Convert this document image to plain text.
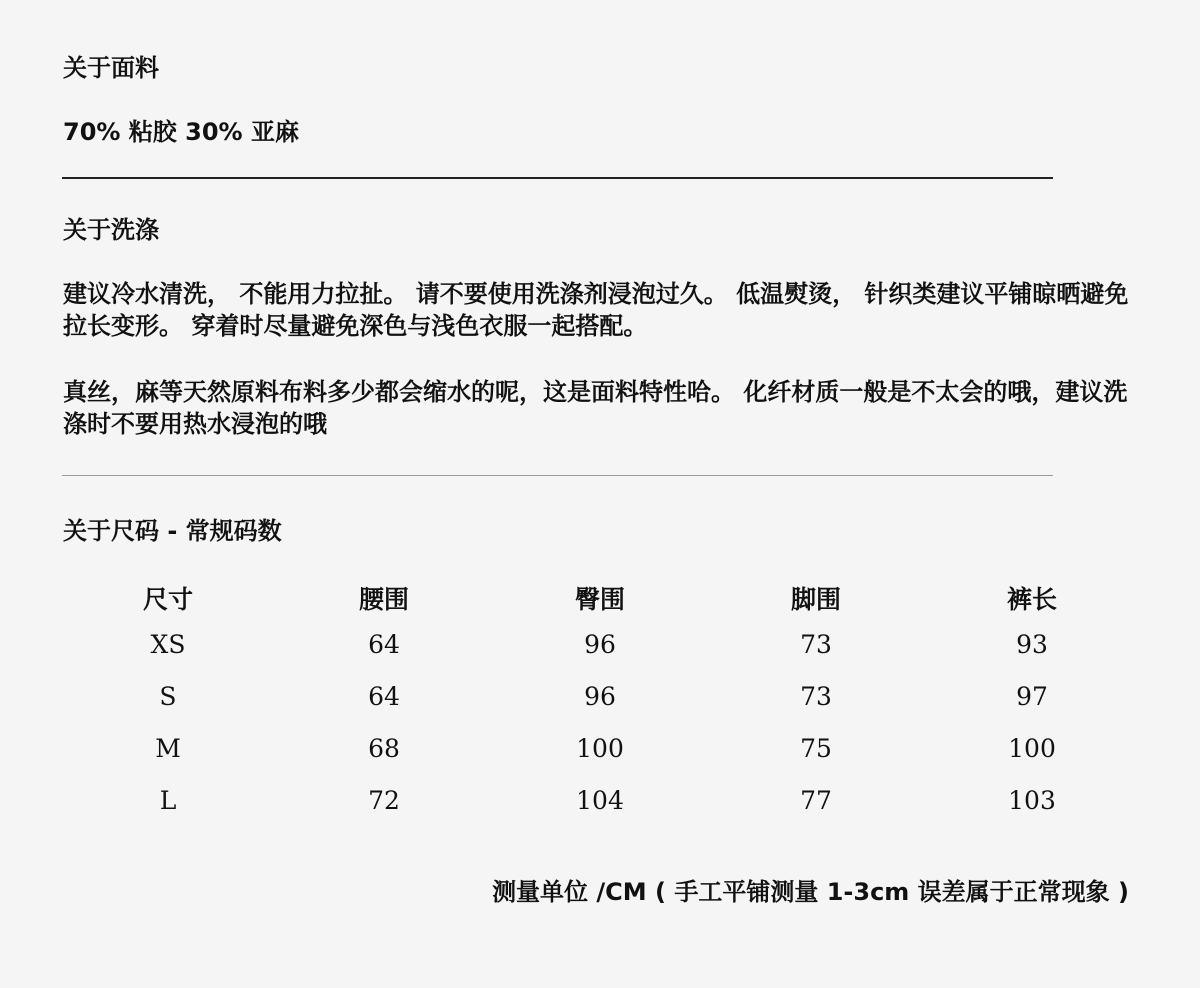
关于面料

70% 粘胶 30% 亚麻

关于洗涤

建议冷水清洗， 不能用力拉扯。 请不要使用洗涤剂浸泡过久。 低温熨烫， 针织类建议平铺晾晒避免拉长变形。 穿着时尽量避免深色与浅色衣服一起搭配。

真丝，麻等天然原料布料多少都会缩水的呢，这是面料特性哈。 化纤材质一般是不太会的哦，建议洗涤时不要用热水浸泡的哦

关于尺码 - 常规码数
尺寸	腰围	臀围	脚围	裤长
XS	64	96	73	93
S	64	96	73	97
M	68	100	75	100
L	72	104	77	103

测量单位 /CM ( 手工平铺测量 1-3cm 误差属于正常现象 )
